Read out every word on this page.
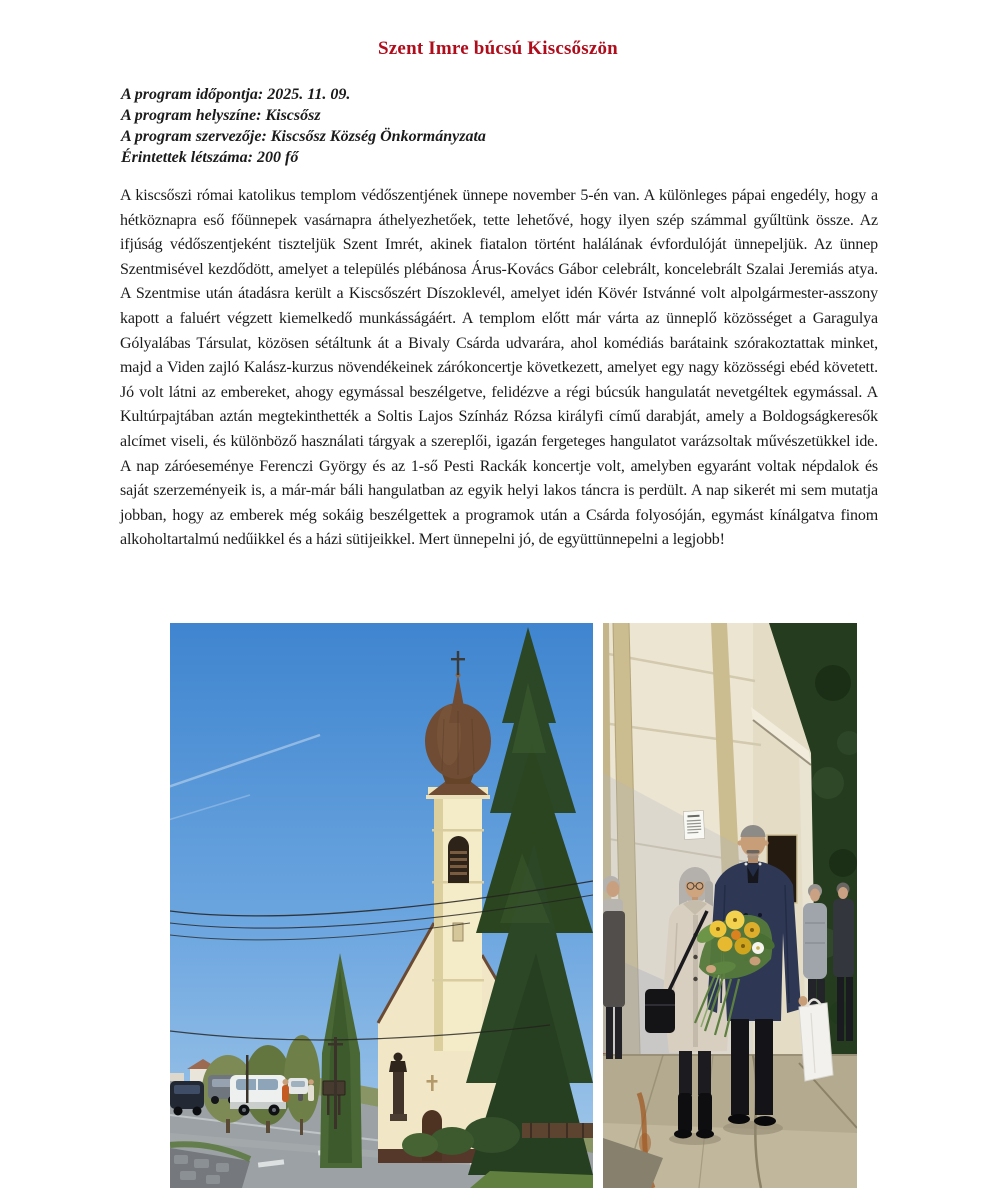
Szent Imre búcsú Kiscsőszön
A program időpontja: 2025. 11. 09.
A program helyszíne: Kiscsősz
A program szervezője: Kiscsősz Község Önkormányzata
Érintettek létszáma: 200 fő

A kiscsőszi római katolikus templom védőszentjének ünnepe november 5-én van. A különleges pápai engedély, hogy a hétköznapra eső főünnepek vasárnapra áthelyezhetőek, tette lehetővé, hogy ilyen szép számmal gyűltünk össze. Az ifjúság védőszentjeként tiszteljük Szent Imrét, akinek fiatalon történt halálának évfordulóját ünnepeljük. Az ünnep Szentmisével kezdődött, amelyet a település plébánosa Árus-Kovács Gábor celebrált, koncelebrált Szalai Jeremiás atya. A Szentmise után átadásra került a Kiscsőszért Díszoklevél, amelyet idén Kövér Istvánné volt alpolgármester-asszony kapott a faluért végzett kiemelkedő munkásságáért. A templom előtt már várta az ünneplő közösséget a Garagulya Gólyalábas Társulat, közösen sétáltunk át a Bivaly Csárda udvarára, ahol komédiás barátaink szórakoztattak minket, majd a Viden zajló Kalász-kurzus növendékeinek zárókoncertje következett, amelyet egy nagy közösségi ebéd követett. Jó volt látni az embereket, ahogy egymással beszélgetve, felidézve a régi búcsúk hangulatát nevetgéltek egymással. A Kultúrpajtában aztán megtekinthették a Soltis Lajos Színház Rózsa királyfi című darabját, amely a Boldogságkeresők alcímet viseli, és különböző használati tárgyak a szereplői, igazán fergeteges hangulatot varázsoltak művészetükkel ide. A nap záróeseménye Ferenczi György és az 1-ső Pesti Rackák koncertje volt, amelyben egyaránt voltak népdalok és saját szerzeményeik is, a már-már báli hangulatban az egyik helyi lakos táncra is perdült. A nap sikerét mi sem mutatja jobban, hogy az emberek még sokáig beszélgettek a programok után a Csárda folyosóján, egymást kínálgatva finom alkoholtartalmú nedűikkel és a házi sütijeikkel. Mert ünnepelni jó, de együttünnepelni a legjobb!
